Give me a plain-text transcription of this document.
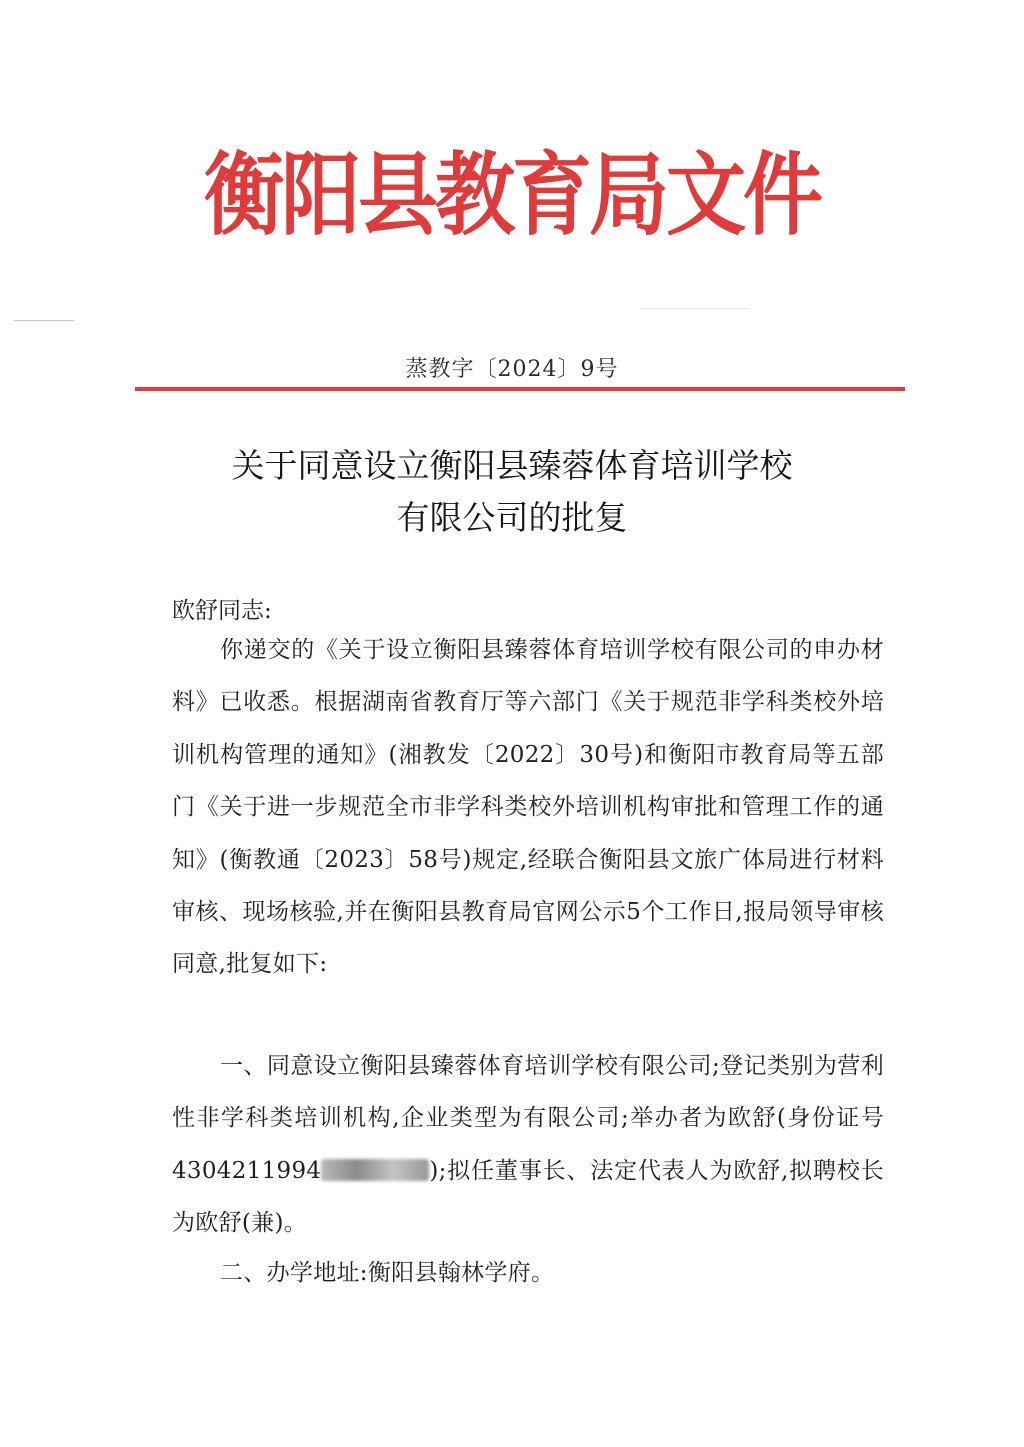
衡阳县教育局文件
蒸教字〔2024〕9号
关于同意设立衡阳县臻蓉体育培训学校
有限公司的批复
欧舒同志:
你递交的《关于设立衡阳县臻蓉体育培训学校有限公司的申办材料》已收悉。根据湖南省教育厅等六部门《关于规范非学科类校外培训机构管理的通知》(湘教发〔2022〕30号)和衡阳市教育局等五部门《关于进一步规范全市非学科类校外培训机构审批和管理工作的通知》(衡教通〔2023〕58号)规定,经联合衡阳县文旅广体局进行材料审核、现场核验,并在衡阳县教育局官网公示5个工作日,报局领导审核同意,批复如下:
一、同意设立衡阳县臻蓉体育培训学校有限公司;登记类别为营利性非学科类培训机构,企业类型为有限公司;举办者为欧舒(身份证号 4304211994	);拟任董事长、法定代表人为欧舒,拟聘校长为欧舒(兼)。
二、办学地址:衡阳县翰林学府。
